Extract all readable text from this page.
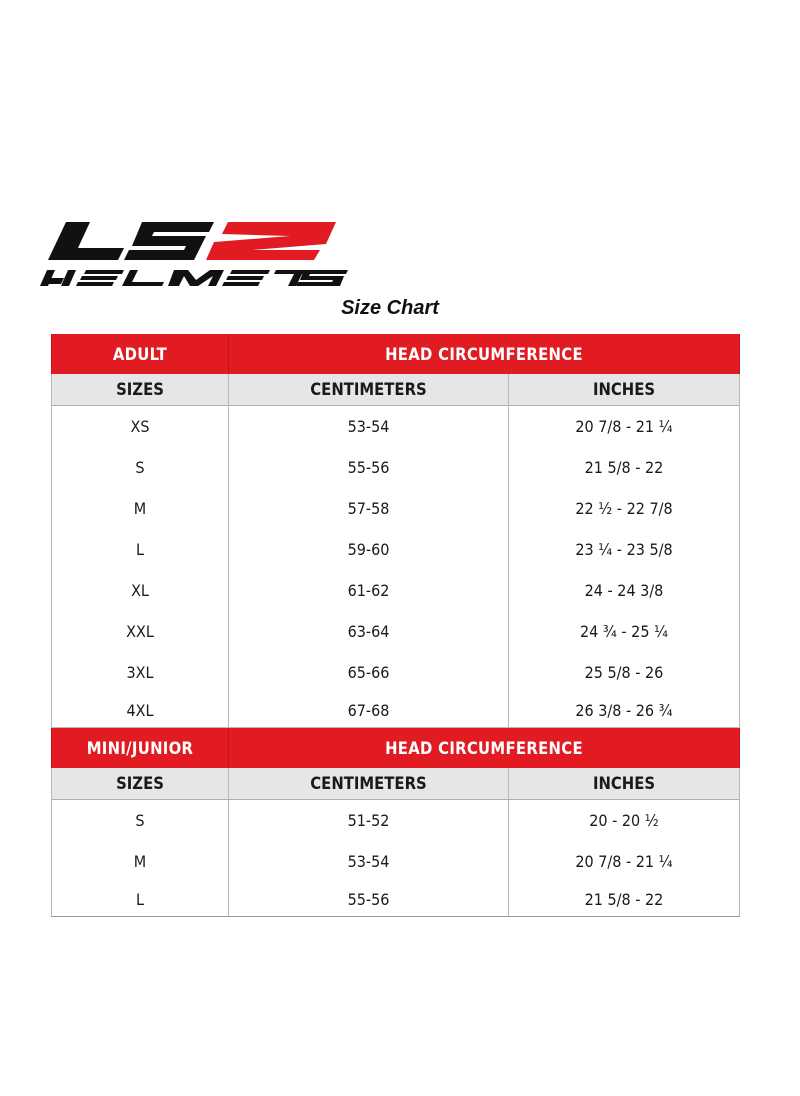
Size Chart
ADULT	HEAD CIRCUMFERENCE	
SIZES	CENTIMETERS	INCHES
XS	53-54	20 7/8 - 21 ¼
S	55-56	21 5/8 - 22
M	57-58	22 ½ - 22 7/8
L	59-60	23 ¼ - 23 5/8
XL	61-62	24 - 24 3/8
XXL	63-64	24 ¾ - 25 ¼
3XL	65-66	25 5/8 - 26
4XL	67-68	26 3/8 - 26 ¾
MINI/JUNIOR	HEAD CIRCUMFERENCE	
SIZES	CENTIMETERS	INCHES
S	51-52	20 - 20 ½
M	53-54	20 7/8 - 21 ¼
L	55-56	21 5/8 - 22
